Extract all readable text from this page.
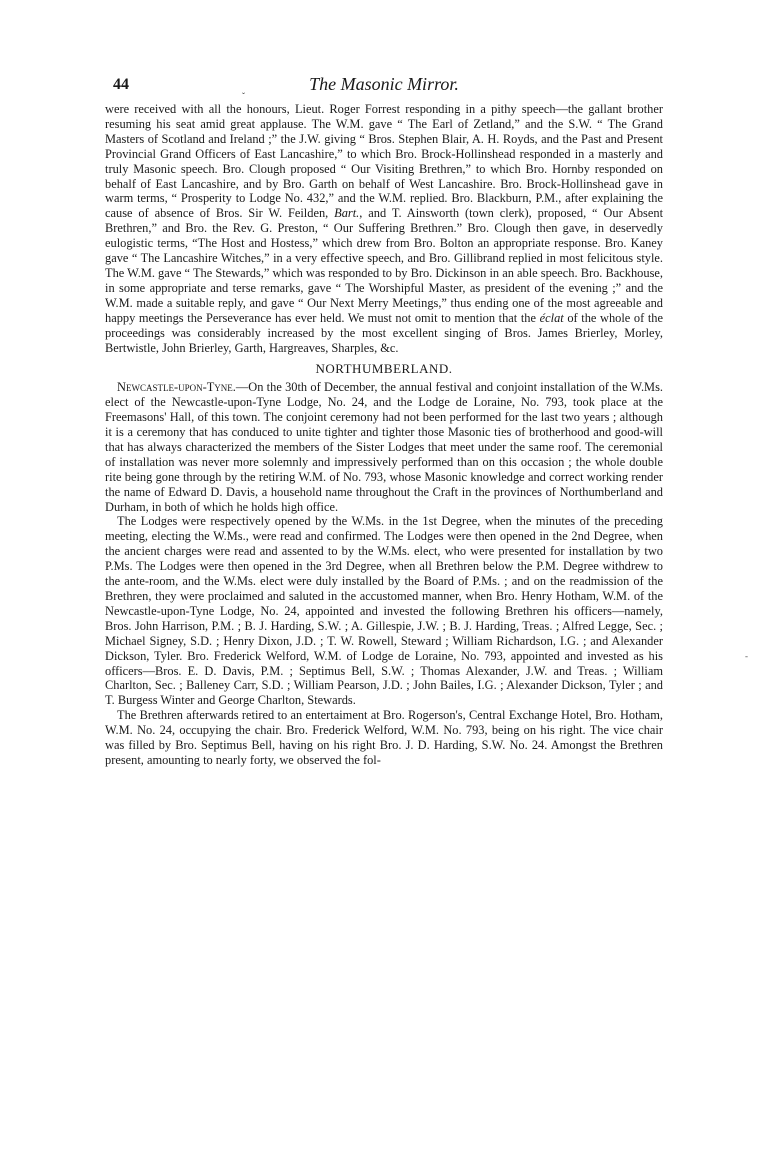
ˇ
-
44	The Masonic Mirror.

were received with all the honours, Lieut. Roger Forrest responding in a pithy speech—the gallant brother resuming his seat amid great applause. The W.M. gave “ The Earl of Zetland,” and the S.W. “ The Grand Masters of Scotland and Ireland ;” the J.W. giving “ Bros. Stephen Blair, A. H. Royds, and the Past and Present Provincial Grand Officers of East Lancashire,” to which Bro. Brock-Hollinshead responded in a masterly and truly Masonic speech. Bro. Clough proposed “ Our Visiting Brethren,” to which Bro. Hornby responded on behalf of East Lancashire, and by Bro. Garth on behalf of West Lancashire. Bro. Brock-Hollinshead gave in warm terms, “ Prosperity to Lodge No. 432,” and the W.M. replied. Bro. Blackburn, P.M., after explaining the cause of absence of Bros. Sir W. Feilden, Bart., and T. Ainsworth (town clerk), proposed, “ Our Absent Brethren,” and Bro. the Rev. G. Preston, “ Our Suffering Brethren.” Bro. Clough then gave, in deservedly eulogistic terms, “The Host and Hostess,” which drew from Bro. Bolton an appropriate response. Bro. Kaney gave “ The Lancashire Witches,” in a very effective speech, and Bro. Gillibrand replied in most felicitous style. The W.M. gave “ The Stewards,” which was responded to by Bro. Dickinson in an able speech. Bro. Backhouse, in some appropriate and terse remarks, gave “ The Worshipful Master, as president of the evening ;” and the W.M. made a suitable reply, and gave “ Our Next Merry Meetings,” thus ending one of the most agreeable and happy meetings the Perseverance has ever held. We must not omit to mention that the éclat of the whole of the proceedings was considerably increased by the most excellent singing of Bros. James Brierley, Morley, Bertwistle, John Brierley, Garth, Hargreaves, Sharples, &c.

NORTHUMBERLAND.

Newcastle-upon-Tyne.—On the 30th of December, the annual festival and conjoint installation of the W.Ms. elect of the Newcastle-upon-Tyne Lodge, No. 24, and the Lodge de Loraine, No. 793, took place at the Freemasons' Hall, of this town. The conjoint ceremony had not been performed for the last two years ; although it is a ceremony that has conduced to unite tighter and tighter those Masonic ties of brotherhood and good-will that has always characterized the members of the Sister Lodges that meet under the same roof. The ceremonial of installation was never more solemnly and impressively performed than on this occasion ; the whole double rite being gone through by the retiring W.M. of No. 793, whose Masonic knowledge and correct working render the name of Edward D. Davis, a household name throughout the Craft in the provinces of Northumberland and Durham, in both of which he holds high office.

The Lodges were respectively opened by the W.Ms. in the 1st Degree, when the minutes of the preceding meeting, electing the W.Ms., were read and confirmed. The Lodges were then opened in the 2nd Degree, when the ancient charges were read and assented to by the W.Ms. elect, who were presented for installation by two P.Ms. The Lodges were then opened in the 3rd Degree, when all Brethren below the P.M. Degree withdrew to the ante-room, and the W.Ms. elect were duly installed by the Board of P.Ms. ; and on the readmission of the Brethren, they were proclaimed and saluted in the accustomed manner, when Bro. Henry Hotham, W.M. of the Newcastle-upon-Tyne Lodge, No. 24, appointed and invested the following Brethren his officers—namely, Bros. John Harrison, P.M. ; B. J. Harding, S.W. ; A. Gillespie, J.W. ; B. J. Harding, Treas. ; Alfred Legge, Sec. ; Michael Signey, S.D. ; Henry Dixon, J.D. ; T. W. Rowell, Steward ; William Richardson, I.G. ; and Alexander Dickson, Tyler. Bro. Frederick Welford, W.M. of Lodge de Loraine, No. 793, appointed and invested as his officers—Bros. E. D. Davis, P.M. ; Septimus Bell, S.W. ; Thomas Alexander, J.W. and Treas. ; William Charlton, Sec. ; Balleney Carr, S.D. ; William Pearson, J.D. ; John Bailes, I.G. ; Alexander Dickson, Tyler ; and T. Burgess Winter and George Charlton, Stewards.

The Brethren afterwards retired to an entertaiment at Bro. Rogerson's, Central Exchange Hotel, Bro. Hotham, W.M. No. 24, occupying the chair. Bro. Frederick Welford, W.M. No. 793, being on his right. The vice chair was filled by Bro. Septimus Bell, having on his right Bro. J. D. Harding, S.W. No. 24. Amongst the Brethren present, amounting to nearly forty, we observed the fol-
